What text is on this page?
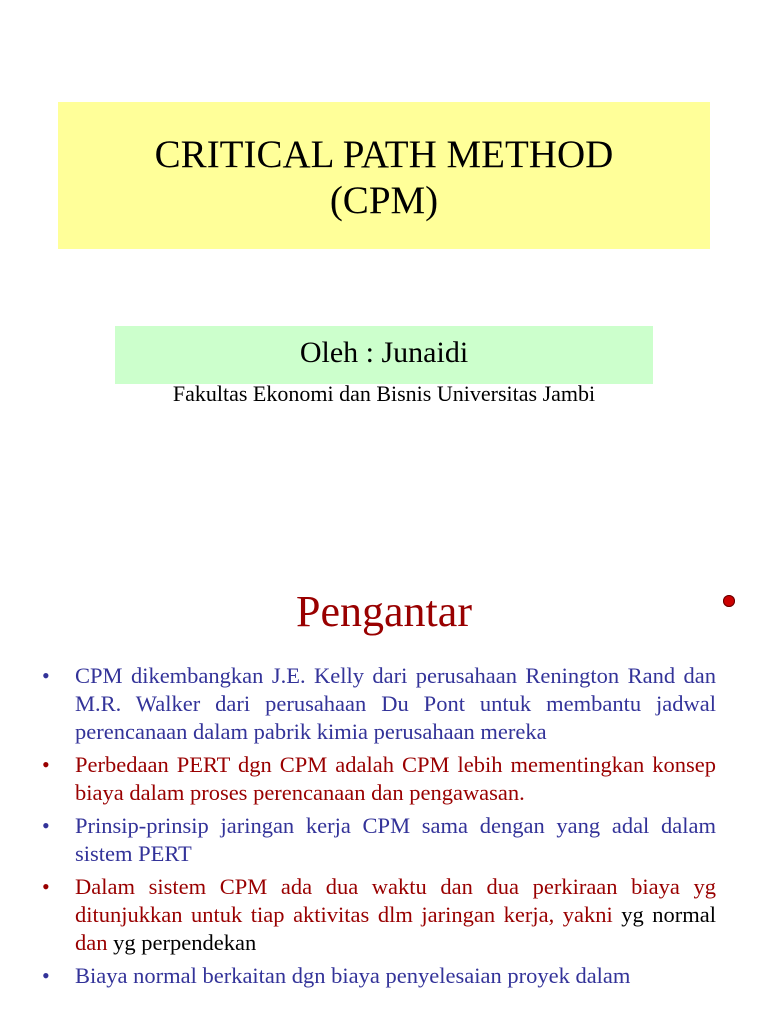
CRITICAL PATH METHOD
(CPM)
Oleh : Junaidi
Fakultas Ekonomi dan Bisnis Universitas Jambi
Pengantar
• CPM dikembangkan J.E. Kelly dari perusahaan Renington Rand dan M.R. Walker dari perusahaan Du Pont untuk membantu jadwal perencanaan dalam pabrik kimia perusahaan mereka
• Perbedaan PERT dgn CPM adalah CPM lebih mementingkan konsep biaya dalam proses perencanaan dan pengawasan.
• Prinsip-prinsip jaringan kerja CPM sama dengan yang adal dalam sistem PERT
• Dalam sistem CPM ada dua waktu dan dua perkiraan biaya yg ditunjukkan untuk tiap aktivitas dlm jaringan kerja, yakni yg normal dan yg perpendekan
• Biaya normal berkaitan dgn biaya penyelesaian proyek dalam
